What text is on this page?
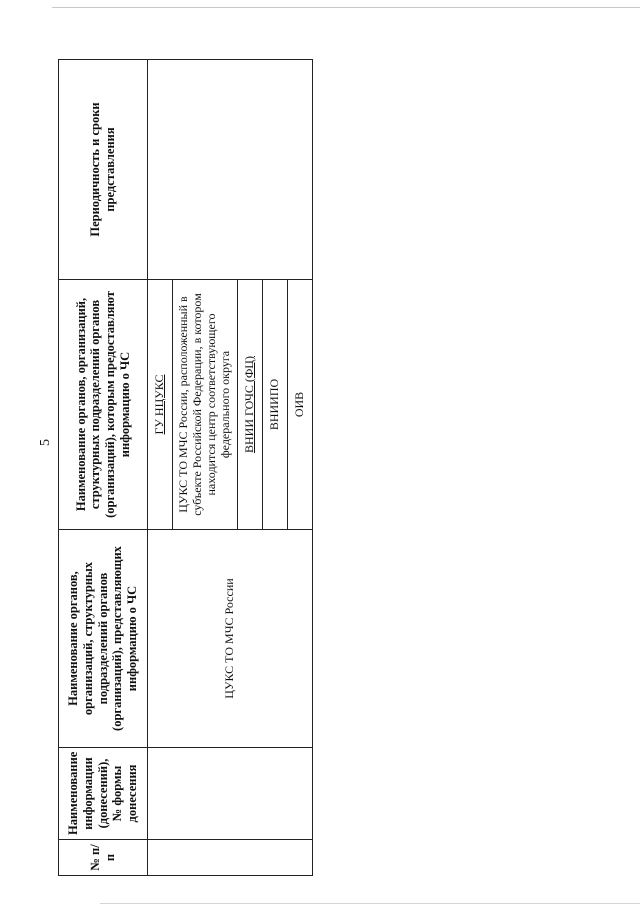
5
№ п/п	Наименование информации (донесений), № формы донесения	Наименование органов, организаций, структурных подразделений органов (организаций), представляющих информацию о ЧС	Наименование органов, организаций, структурных подразделений органов (организаций), которым предоставляют информацию о ЧС	Периодичность и сроки представления
		ЦУКС ТО МЧС России	ГУ НЦУКС	
			ЦУКС ТО МЧС России, расположенный в субъекте Российской Федерации, в котором находится центр соответствующего федерального округа	
			ВНИИ ГОЧС (ФЦ)	
			ВНИИПО	
			ОИВ	
